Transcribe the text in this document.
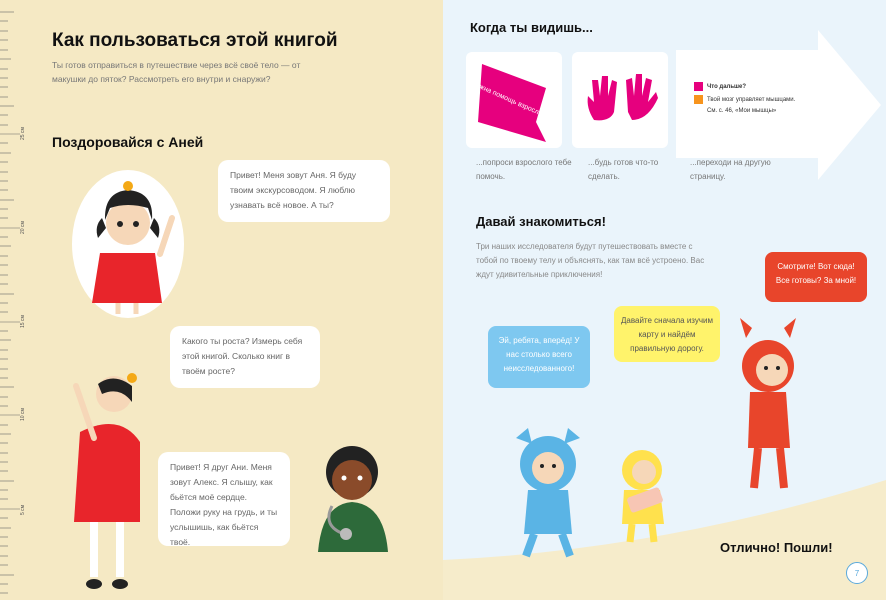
25 см
20 см
15 см
10 см
5 см
Как пользоваться этой книгой
Ты готов отправиться в путешествие через всё своё тело — от макушки до пяток? Рассмотреть его внутри и снаружи?
Поздоровайся с Аней
Привет! Меня зовут Аня. Я буду твоим экскурсоводом. Я люблю узнавать всё новое. А ты?
Какого ты роста? Измерь себя этой книгой. Сколько книг в твоём росте?
Привет! Я друг Ани. Меня зовут Алекс. Я слышу, как бьётся моё сердце. Положи руку на грудь, и ты услышишь, как бьётся твоё.
Когда ты видишь...
Нужна помощь взрослого!	Что дальше?
Твой мозг управляет мышцами.
См. с. 46, «Мои мышцы»
...попроси взрослого тебе помочь.
...будь готов что-то сделать.
...переходи на другую страницу.
Давай знакомиться!
Три наших исследователя будут путешествовать вместе с тобой по твоему телу и объяснять, как там всё устроено. Вас ждут удивительные приключения!
Эй, ребята, вперёд! У нас столько всего неисследованного!
Давайте сначала изучим карту и найдём правильную дорогу.
Смотрите! Вот сюда! Все готовы? За мной!
Отлично! Пошли!
7
